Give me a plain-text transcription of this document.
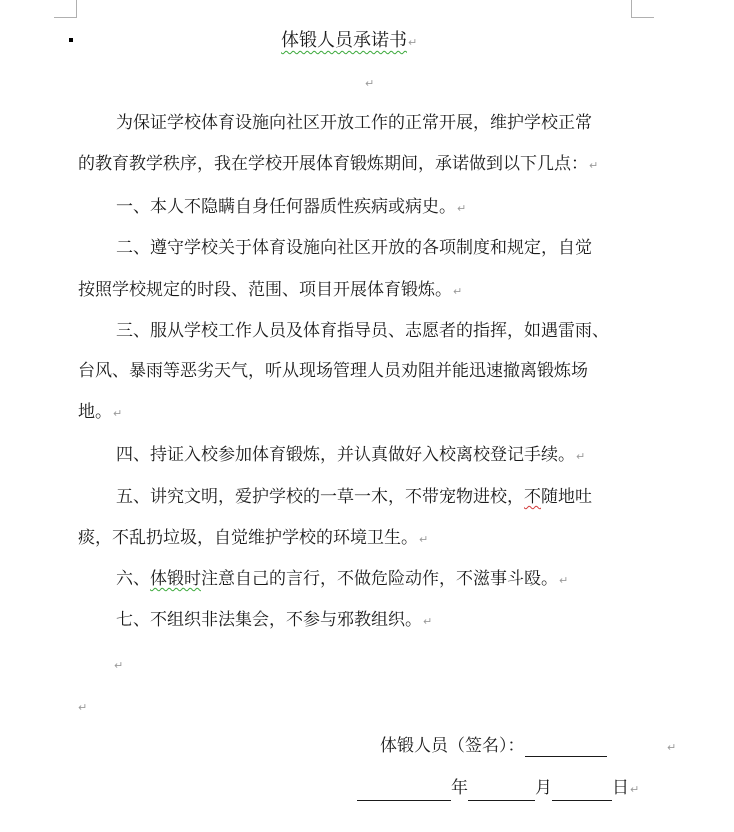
体锻人员承诺书↵
↵
为保证学校体育设施向社区开放工作的正常开展，维护学校正常
的教育教学秩序，我在学校开展体育锻炼期间，承诺做到以下几点：↵
一、本人不隐瞒自身任何器质性疾病或病史。↵
二、遵守学校关于体育设施向社区开放的各项制度和规定，自觉
按照学校规定的时段、范围、项目开展体育锻炼。↵
三、服从学校工作人员及体育指导员、志愿者的指挥，如遇雷雨、
台风、暴雨等恶劣天气，听从现场管理人员劝阻并能迅速撤离锻炼场
地。↵
四、持证入校参加体育锻炼，并认真做好入校离校登记手续。↵
五、讲究文明，爱护学校的一草一木，不带宠物进校，不随地吐
痰，不乱扔垃圾，自觉维护学校的环境卫生。↵
六、体锻时注意自己的言行，不做危险动作，不滋事斗殴。↵
七、不组织非法集会，不参与邪教组织。↵
↵
↵
体锻人员（签名）：	↵
年	月	日↵
